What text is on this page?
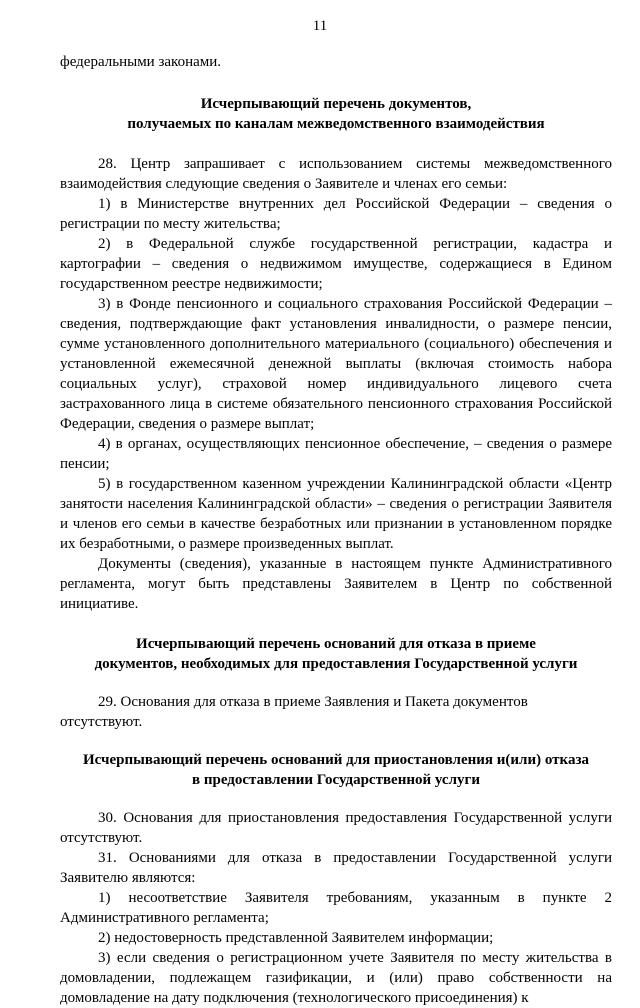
11

федеральными законами.

Исчерпывающий перечень документов,
получаемых по каналам межведомственного взаимодействия

28. Центр запрашивает с использованием системы межведомственного взаимодействия следующие сведения о Заявителе и членах его семьи:

1) в Министерстве внутренних дел Российской Федерации – сведения о регистрации по месту жительства;

2) в Федеральной службе государственной регистрации, кадастра и картографии – сведения о недвижимом имуществе, содержащиеся в Едином государственном реестре недвижимости;

3) в Фонде пенсионного и социального страхования Российской Федерации – сведения, подтверждающие факт установления инвалидности, о размере пенсии, сумме установленного дополнительного материального (социального) обеспечения и установленной ежемесячной денежной выплаты (включая стоимость набора социальных услуг), страховой номер индивидуального лицевого счета застрахованного лица в системе обязательного пенсионного страхования Российской Федерации, сведения о размере выплат;

4) в органах, осуществляющих пенсионное обеспечение, – сведения о размере пенсии;

5) в государственном казенном учреждении Калининградской области «Центр занятости населения Калининградской области» – сведения о регистрации Заявителя и членов его семьи в качестве безработных или признании в установленном порядке их безработными, о размере произведенных выплат.

Документы (сведения), указанные в настоящем пункте Административного регламента, могут быть представлены Заявителем в Центр по собственной инициативе.

Исчерпывающий перечень оснований для отказа в приеме
документов, необходимых для предоставления Государственной услуги

29. Основания для отказа в приеме Заявления и Пакета документов отсутствуют.

Исчерпывающий перечень оснований для приостановления и(или) отказа
в предоставлении Государственной услуги

30. Основания для приостановления предоставления Государственной услуги отсутствуют.

31. Основаниями для отказа в предоставлении Государственной услуги Заявителю являются:

1) несоответствие Заявителя требованиям, указанным в пункте 2 Административного регламента;

2) недостоверность представленной Заявителем информации;

3) если сведения о регистрационном учете Заявителя по месту жительства в домовладении, подлежащем газификации, и (или) право собственности на домовладение на дату подключения (технологического присоединения) к
